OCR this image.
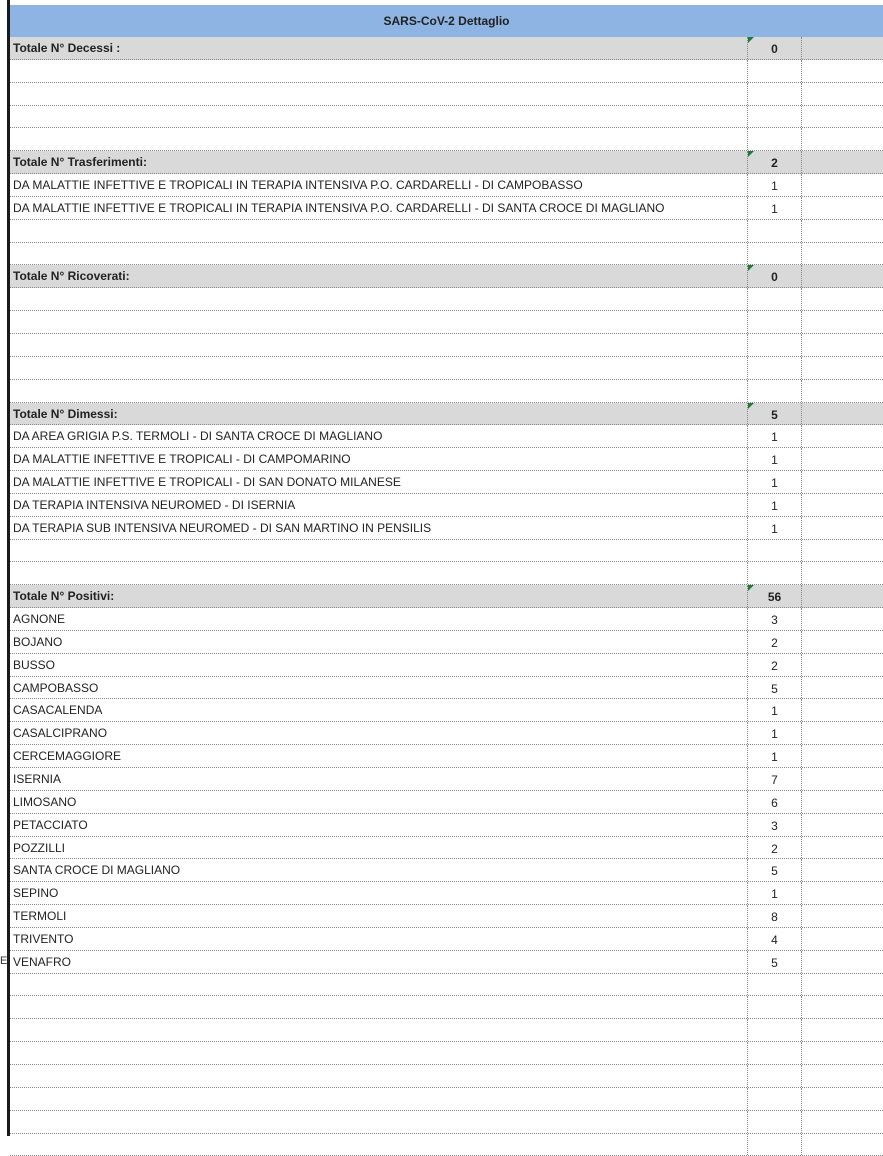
E
SARS-CoV-2 Dettaglio
Totale N° Decessi :	0
Totale N° Trasferimenti:	2
DA MALATTIE INFETTIVE E TROPICALI IN TERAPIA INTENSIVA P.O. CARDARELLI - DI CAMPOBASSO	1
DA MALATTIE INFETTIVE E TROPICALI IN TERAPIA INTENSIVA P.O. CARDARELLI - DI SANTA CROCE DI MAGLIANO	1
Totale N° Ricoverati:	0
Totale N° Dimessi:	5
DA AREA GRIGIA P.S. TERMOLI - DI SANTA CROCE DI MAGLIANO	1
DA MALATTIE INFETTIVE E TROPICALI - DI CAMPOMARINO	1
DA MALATTIE INFETTIVE E TROPICALI - DI SAN DONATO MILANESE	1
DA TERAPIA INTENSIVA NEUROMED - DI ISERNIA	1
DA TERAPIA SUB INTENSIVA NEUROMED - DI SAN MARTINO IN PENSILIS	1
Totale N° Positivi:	56
AGNONE	3
BOJANO	2
BUSSO	2
CAMPOBASSO	5
CASACALENDA	1
CASALCIPRANO	1
CERCEMAGGIORE	1
ISERNIA	7
LIMOSANO	6
PETACCIATO	3
POZZILLI	2
SANTA CROCE DI MAGLIANO	5
SEPINO	1
TERMOLI	8
TRIVENTO	4
VENAFRO	5
